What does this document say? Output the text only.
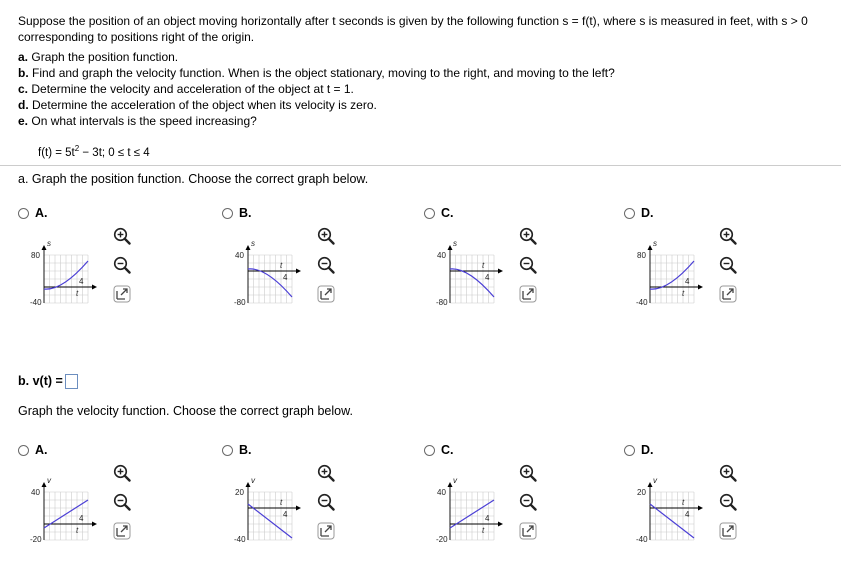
Suppose the position of an object moving horizontally after t seconds is given by the following function s = f(t), where s is measured in feet, with s > 0 corresponding to positions right of the origin.

a. Graph the position function.
b. Find and graph the velocity function. When is the object stationary, moving to the right, and moving to the left?
c. Determine the velocity and acceleration of the object at t = 1.
d. Determine the acceleration of the object when its velocity is zero.
e. On what intervals is the speed increasing?
$f(t) = 5t^2 - 3t$; 0 ≤ t ≤ 4
a. Graph the position function. Choose the correct graph below.
A.
80
-40
s
t
4
B.
40
-80
s
t
4
C.
40
-80
s
t
4
D.
80
-40
s
t
4
b. v(t) =
Graph the velocity function. Choose the correct graph below.
A.
40
-20
v
t
4
B.
20
-40
v
t
4
C.
40
-20
v
t
4
D.
20
-40
v
t
4
